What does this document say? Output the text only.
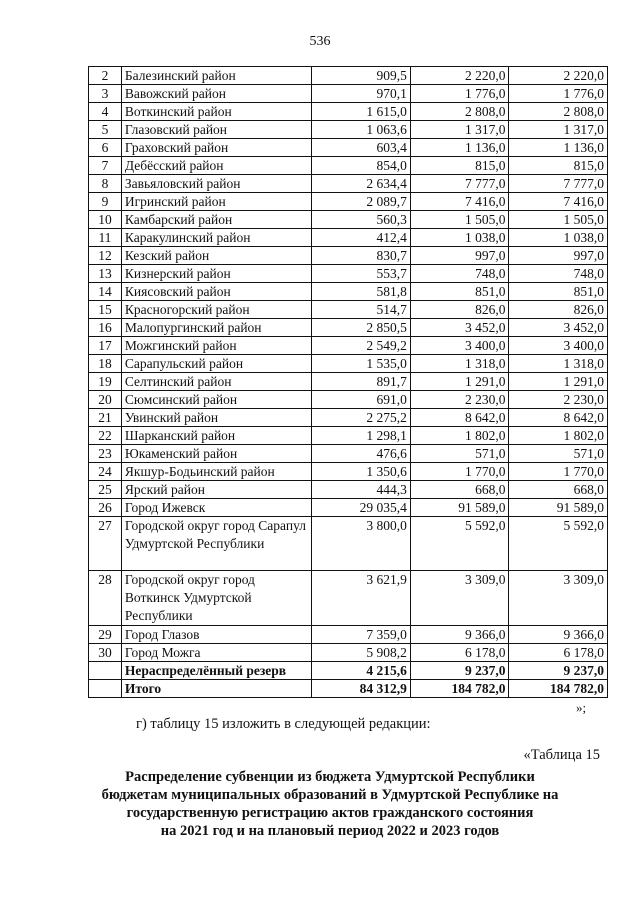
536
2	Балезинский район	909,5	2 220,0	2 220,0
3	Вавожский район	970,1	1 776,0	1 776,0
4	Воткинский район	1 615,0	2 808,0	2 808,0
5	Глазовский район	1 063,6	1 317,0	1 317,0
6	Граховский район	603,4	1 136,0	1 136,0
7	Дебёсский район	854,0	815,0	815,0
8	Завьяловский район	2 634,4	7 777,0	7 777,0
9	Игринский район	2 089,7	7 416,0	7 416,0
10	Камбарский район	560,3	1 505,0	1 505,0
11	Каракулинский район	412,4	1 038,0	1 038,0
12	Кезский район	830,7	997,0	997,0
13	Кизнерский район	553,7	748,0	748,0
14	Киясовский район	581,8	851,0	851,0
15	Красногорский район	514,7	826,0	826,0
16	Малопургинский район	2 850,5	3 452,0	3 452,0
17	Можгинский район	2 549,2	3 400,0	3 400,0
18	Сарапульский район	1 535,0	1 318,0	1 318,0
19	Селтинский район	891,7	1 291,0	1 291,0
20	Сюмсинский район	691,0	2 230,0	2 230,0
21	Увинский район	2 275,2	8 642,0	8 642,0
22	Шарканский район	1 298,1	1 802,0	1 802,0
23	Юкаменский район	476,6	571,0	571,0
24	Якшур-Бодьинский район	1 350,6	1 770,0	1 770,0
25	Ярский район	444,3	668,0	668,0
26	Город Ижевск	29 035,4	91 589,0	91 589,0
27	Городской округ город Сарапул Удмуртской Республики	3 800,0	5 592,0	5 592,0
28	Городской округ город Воткинск Удмуртской Республики	3 621,9	3 309,0	3 309,0
29	Город Глазов	7 359,0	9 366,0	9 366,0
30	Город Можга	5 908,2	6 178,0	6 178,0
	Нераспределённый резерв	4 215,6	9 237,0	9 237,0
	Итого	84 312,9	184 782,0	184 782,0
»;
г) таблицу 15 изложить в следующей редакции:
«Таблица 15
Распределение субвенции из бюджета Удмуртской Республики
бюджетам муниципальных образований в Удмуртской Республике на
государственную регистрацию актов гражданского состояния
на 2021 год и на плановый период 2022 и 2023 годов
